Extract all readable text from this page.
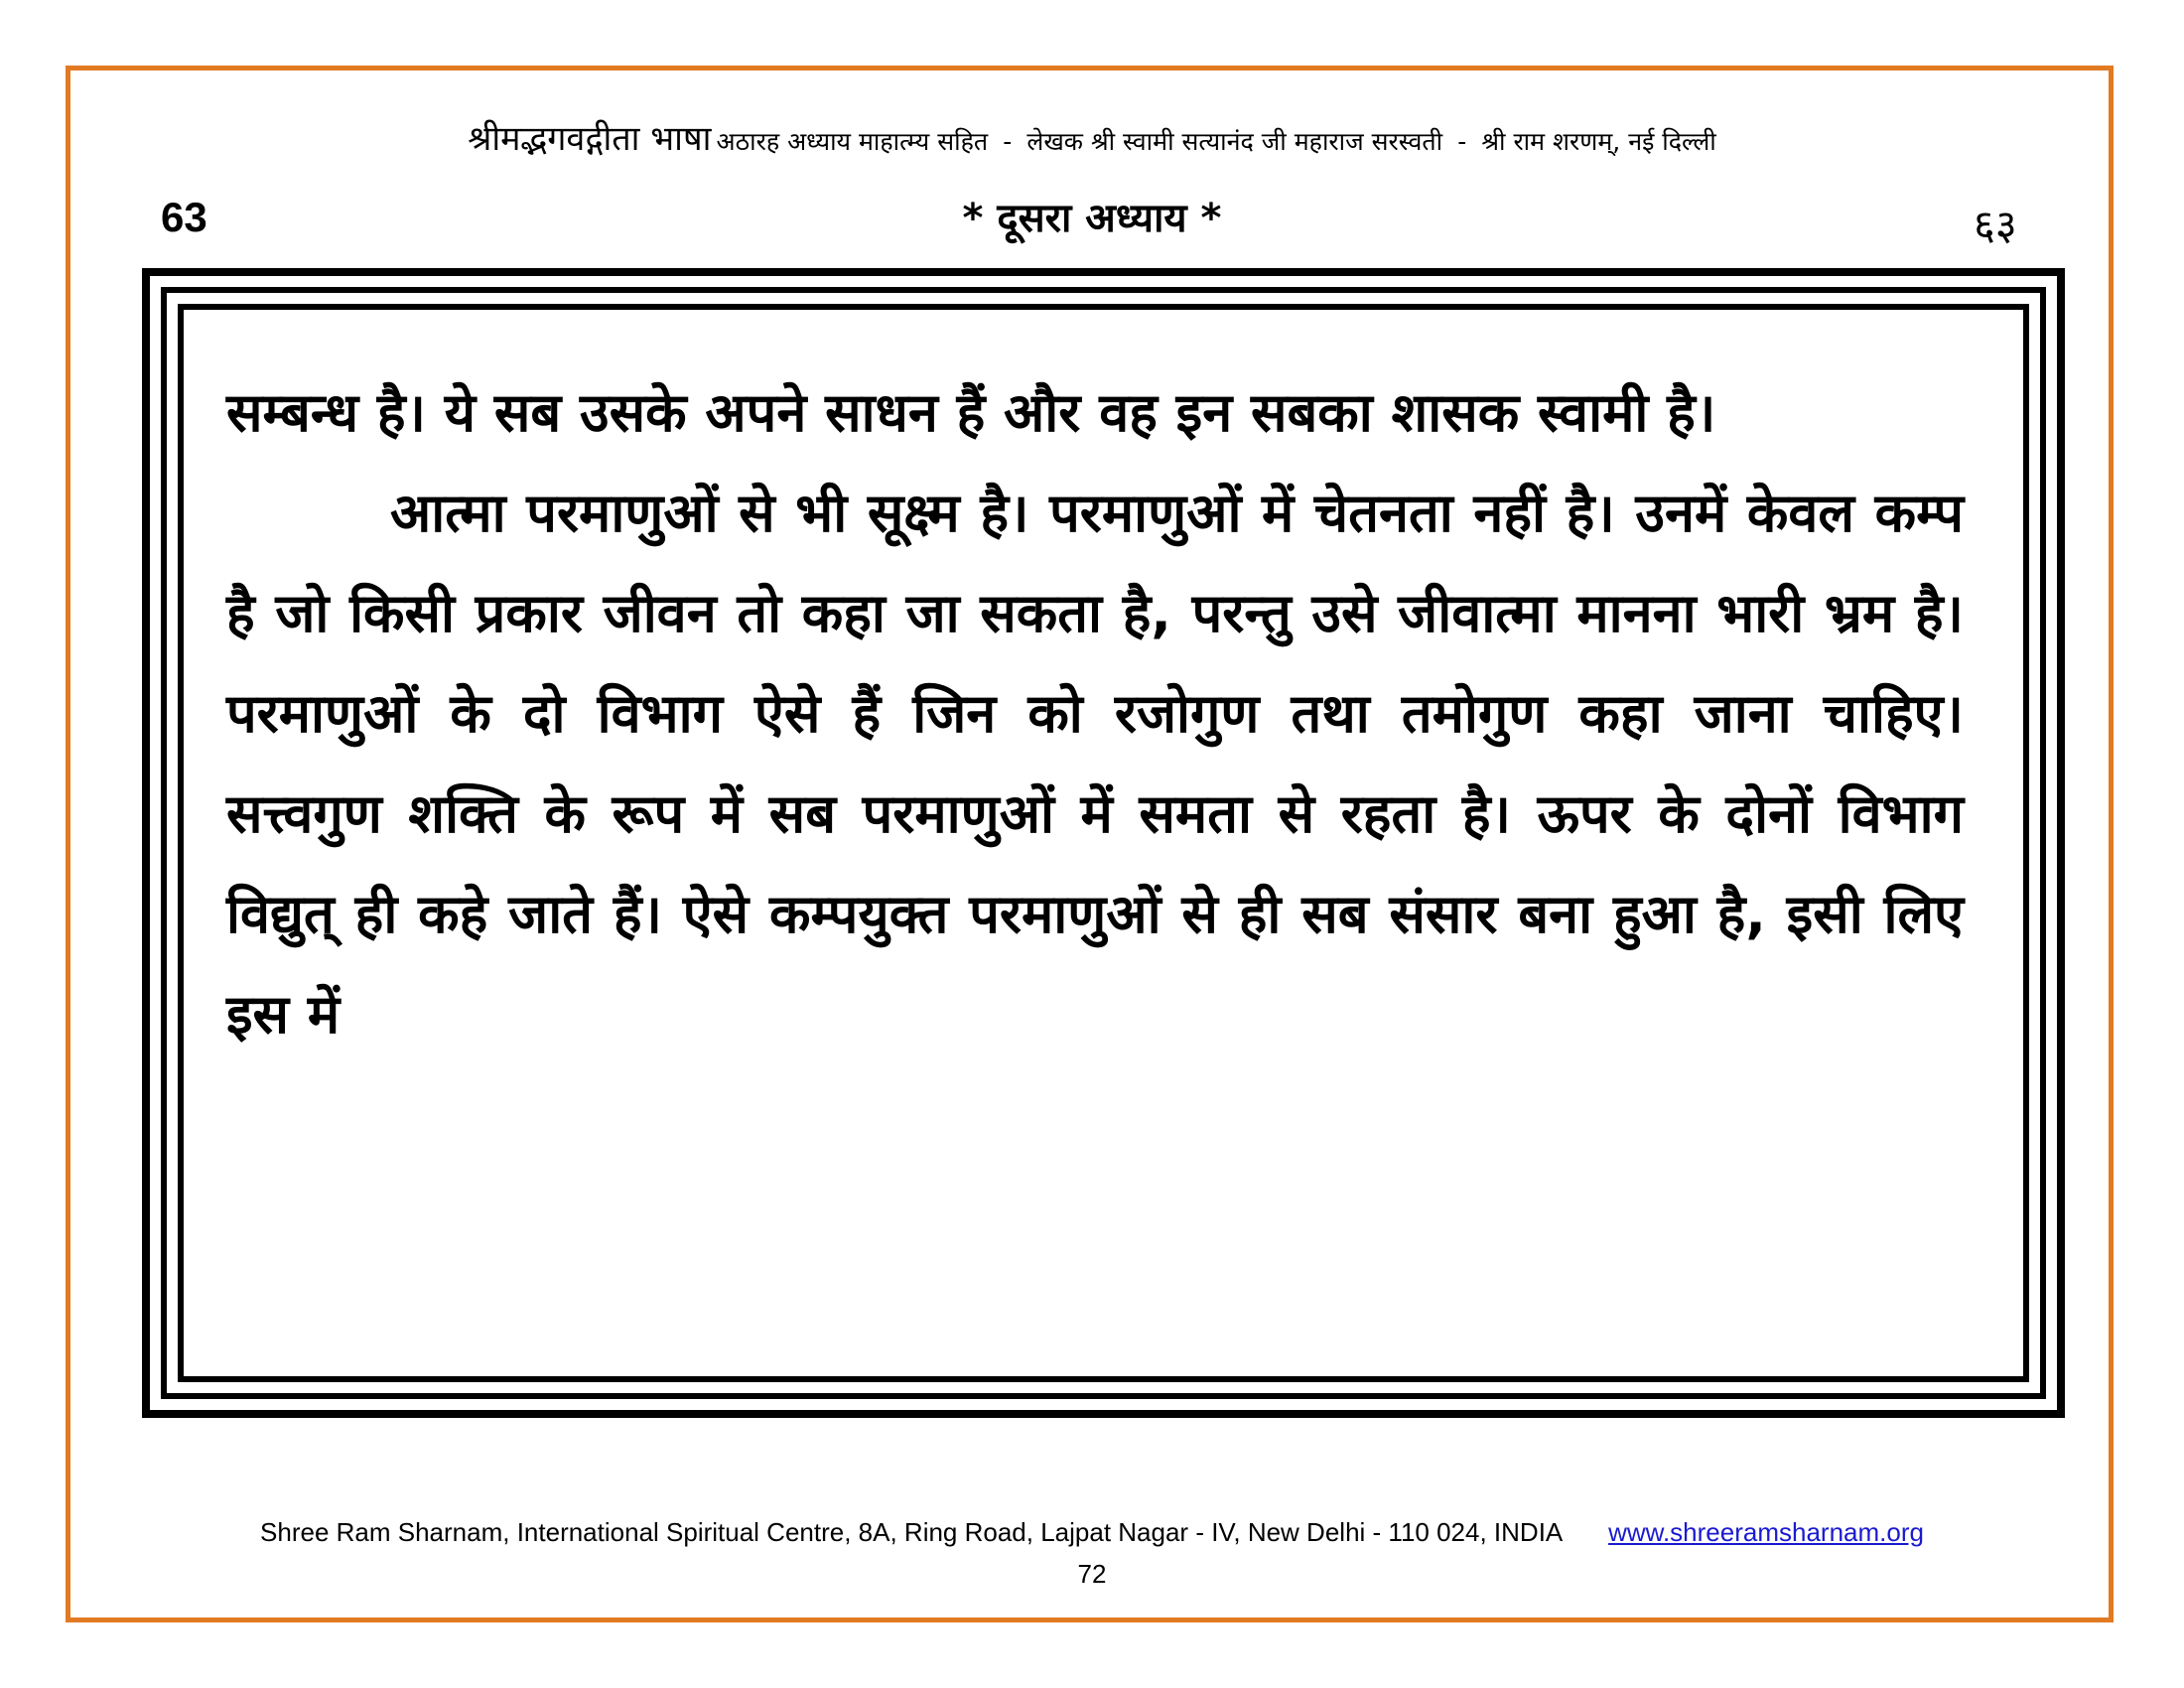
श्रीमद्भगवद्गीता भाषा अठारह अध्याय माहात्म्य सहित - लेखक श्री स्वामी सत्यानंद जी महाराज सरस्वती - श्री राम शरणम्, नई दिल्ली
63	* दूसरा अध्याय *	६३

सम्बन्ध है। ये सब उसके अपने साधन हैं और वह इन सबका शासक स्वामी है।

आत्मा परमाणुओं से भी सूक्ष्म है। परमाणुओं में चेतनता नहीं है। उनमें केवल कम्प है जो किसी प्रकार जीवन तो कहा जा सकता है, परन्तु उसे जीवात्मा मानना भारी भ्रम है। परमाणुओं के दो विभाग ऐसे हैं जिन को रजोगुण तथा तमोगुण कहा जाना चाहिए। सत्त्वगुण शक्ति के रूप में सब परमाणुओं में समता से रहता है। ऊपर के दोनों विभाग विद्युत् ही कहे जाते हैं। ऐसे कम्पयुक्त परमाणुओं से ही सब संसार बना हुआ है, इसी लिए इस में

Shree Ram Sharnam, International Spiritual Centre, 8A, Ring Road, Lajpat Nagar - IV, New Delhi - 110 024, INDIA www.shreeramsharnam.org
72
